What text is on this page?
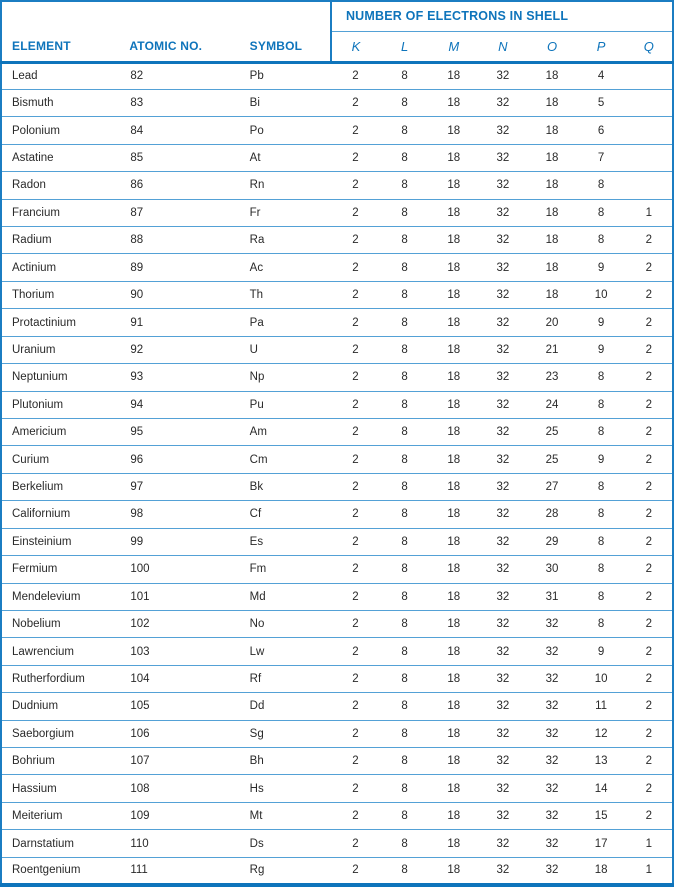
			NUMBER OF ELECTRONS IN SHELL						
ELEMENT	ATOMIC NO.	SYMBOL	K	L	M	N	O	P	Q
Lead	82	Pb	2	8	18	32	18	4	
Bismuth	83	Bi	2	8	18	32	18	5	
Polonium	84	Po	2	8	18	32	18	6	
Astatine	85	At	2	8	18	32	18	7	
Radon	86	Rn	2	8	18	32	18	8	
Francium	87	Fr	2	8	18	32	18	8	1
Radium	88	Ra	2	8	18	32	18	8	2
Actinium	89	Ac	2	8	18	32	18	9	2
Thorium	90	Th	2	8	18	32	18	10	2
Protactinium	91	Pa	2	8	18	32	20	9	2
Uranium	92	U	2	8	18	32	21	9	2
Neptunium	93	Np	2	8	18	32	23	8	2
Plutonium	94	Pu	2	8	18	32	24	8	2
Americium	95	Am	2	8	18	32	25	8	2
Curium	96	Cm	2	8	18	32	25	9	2
Berkelium	97	Bk	2	8	18	32	27	8	2
Californium	98	Cf	2	8	18	32	28	8	2
Einsteinium	99	Es	2	8	18	32	29	8	2
Fermium	100	Fm	2	8	18	32	30	8	2
Mendelevium	101	Md	2	8	18	32	31	8	2
Nobelium	102	No	2	8	18	32	32	8	2
Lawrencium	103	Lw	2	8	18	32	32	9	2
Rutherfordium	104	Rf	2	8	18	32	32	10	2
Dudnium	105	Dd	2	8	18	32	32	11	2
Saeborgium	106	Sg	2	8	18	32	32	12	2
Bohrium	107	Bh	2	8	18	32	32	13	2
Hassium	108	Hs	2	8	18	32	32	14	2
Meiterium	109	Mt	2	8	18	32	32	15	2
Darnstatium	110	Ds	2	8	18	32	32	17	1
Roentgenium	111	Rg	2	8	18	32	32	18	1
